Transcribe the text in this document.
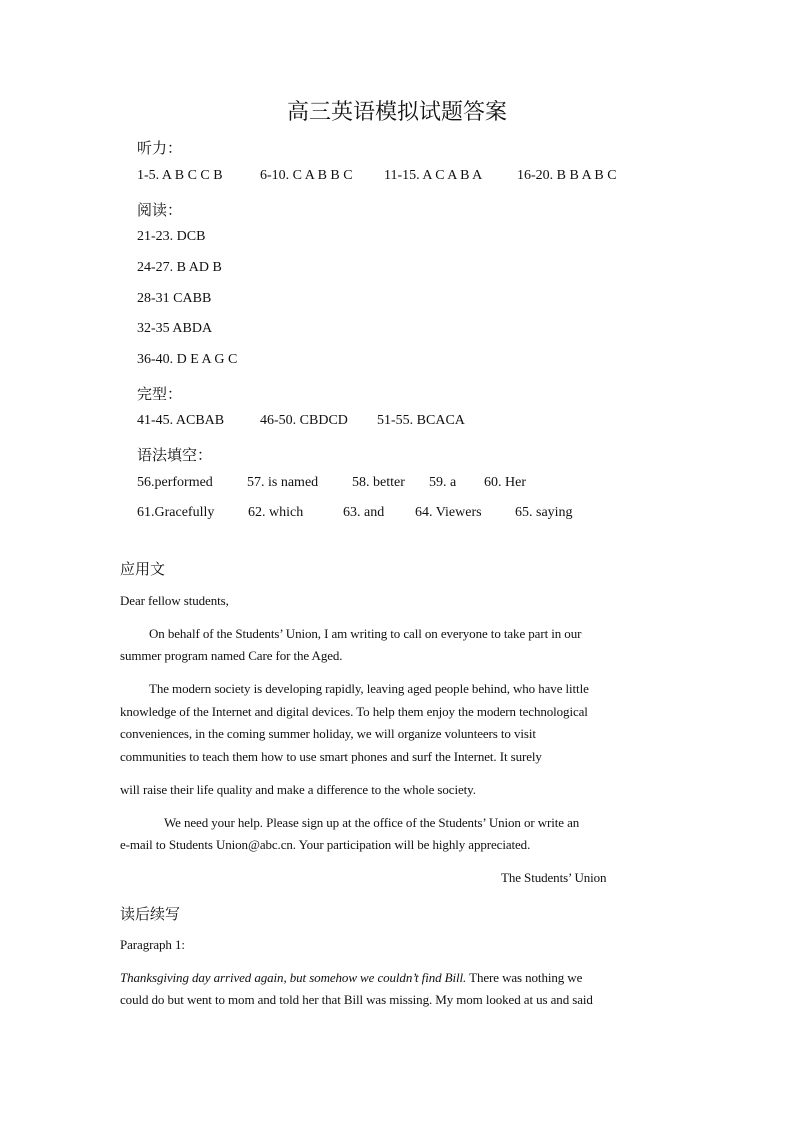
高三英语模拟试题答案
听力：
1-5. A B C C B	6-10. C A B B C 11-15. A C A B A 16-20. B B A B C
阅读：
21-23. DCB
24-27. B AD B
28-31 CABB
32-35 ABDA
36-40. D E A G C
完型：
41-45. ACBAB	46-50. CBDCD 51-55. BCACA
语法填空：
56.performed 57. is named 58. better 59. a 60. Her
61.Gracefully 62. which	63. and 64. Viewers 65. saying
应用文
Dear fellow students,
On behalf of the Students’ Union, I am writing to call on everyone to take part in our
summer program named Care for the Aged.
The modern society is developing rapidly, leaving aged people behind, who have little
knowledge of the Internet and digital devices. To help them enjoy the modern technological
conveniences, in the coming summer holiday, we will organize volunteers to visit
communities to teach them how to use smart phones and surf the Internet. It surely
will raise their life quality and make a difference to the whole society.
We need your help. Please sign up at the office of the Students’ Union or write an
e-mail to Students Union@abc.cn. Your participation will be highly appreciated.
The Students’ Union
读后续写
Paragraph 1:
Thanksgiving day arrived again, but somehow we couldn’t find Bill. There was nothing we
could do but went to mom and told her that Bill was missing. My mom looked at us and said
